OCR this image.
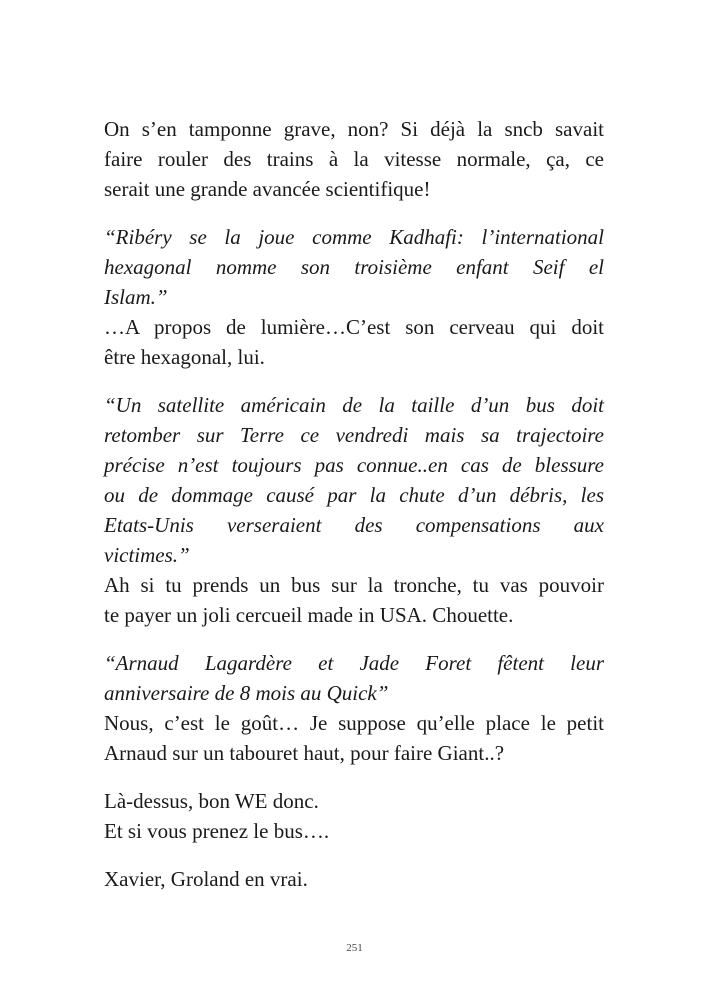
On s’en tamponne grave, non? Si déjà la sncb savait
faire rouler des trains à la vitesse normale, ça, ce
serait une grande avancée scientifique!

“Ribéry se la joue comme Kadhafi: l’international
hexagonal nomme son troisième enfant Seif el
Islam.”
…A propos de lumière…C’est son cerveau qui doit
être hexagonal, lui.

“Un satellite américain de la taille d’un bus doit
retomber sur Terre ce vendredi mais sa trajectoire
précise n’est toujours pas connue..en cas de blessure
ou de dommage causé par la chute d’un débris, les
Etats-Unis verseraient des compensations aux
victimes.”
Ah si tu prends un bus sur la tronche, tu vas pouvoir
te payer un joli cercueil made in USA. Chouette.

“Arnaud Lagardère et Jade Foret fêtent leur
anniversaire de 8 mois au Quick”
Nous, c’est le goût… Je suppose qu’elle place le petit
Arnaud sur un tabouret haut, pour faire Giant..?

Là-dessus, bon WE donc.
Et si vous prenez le bus….

Xavier, Groland en vrai.

251
